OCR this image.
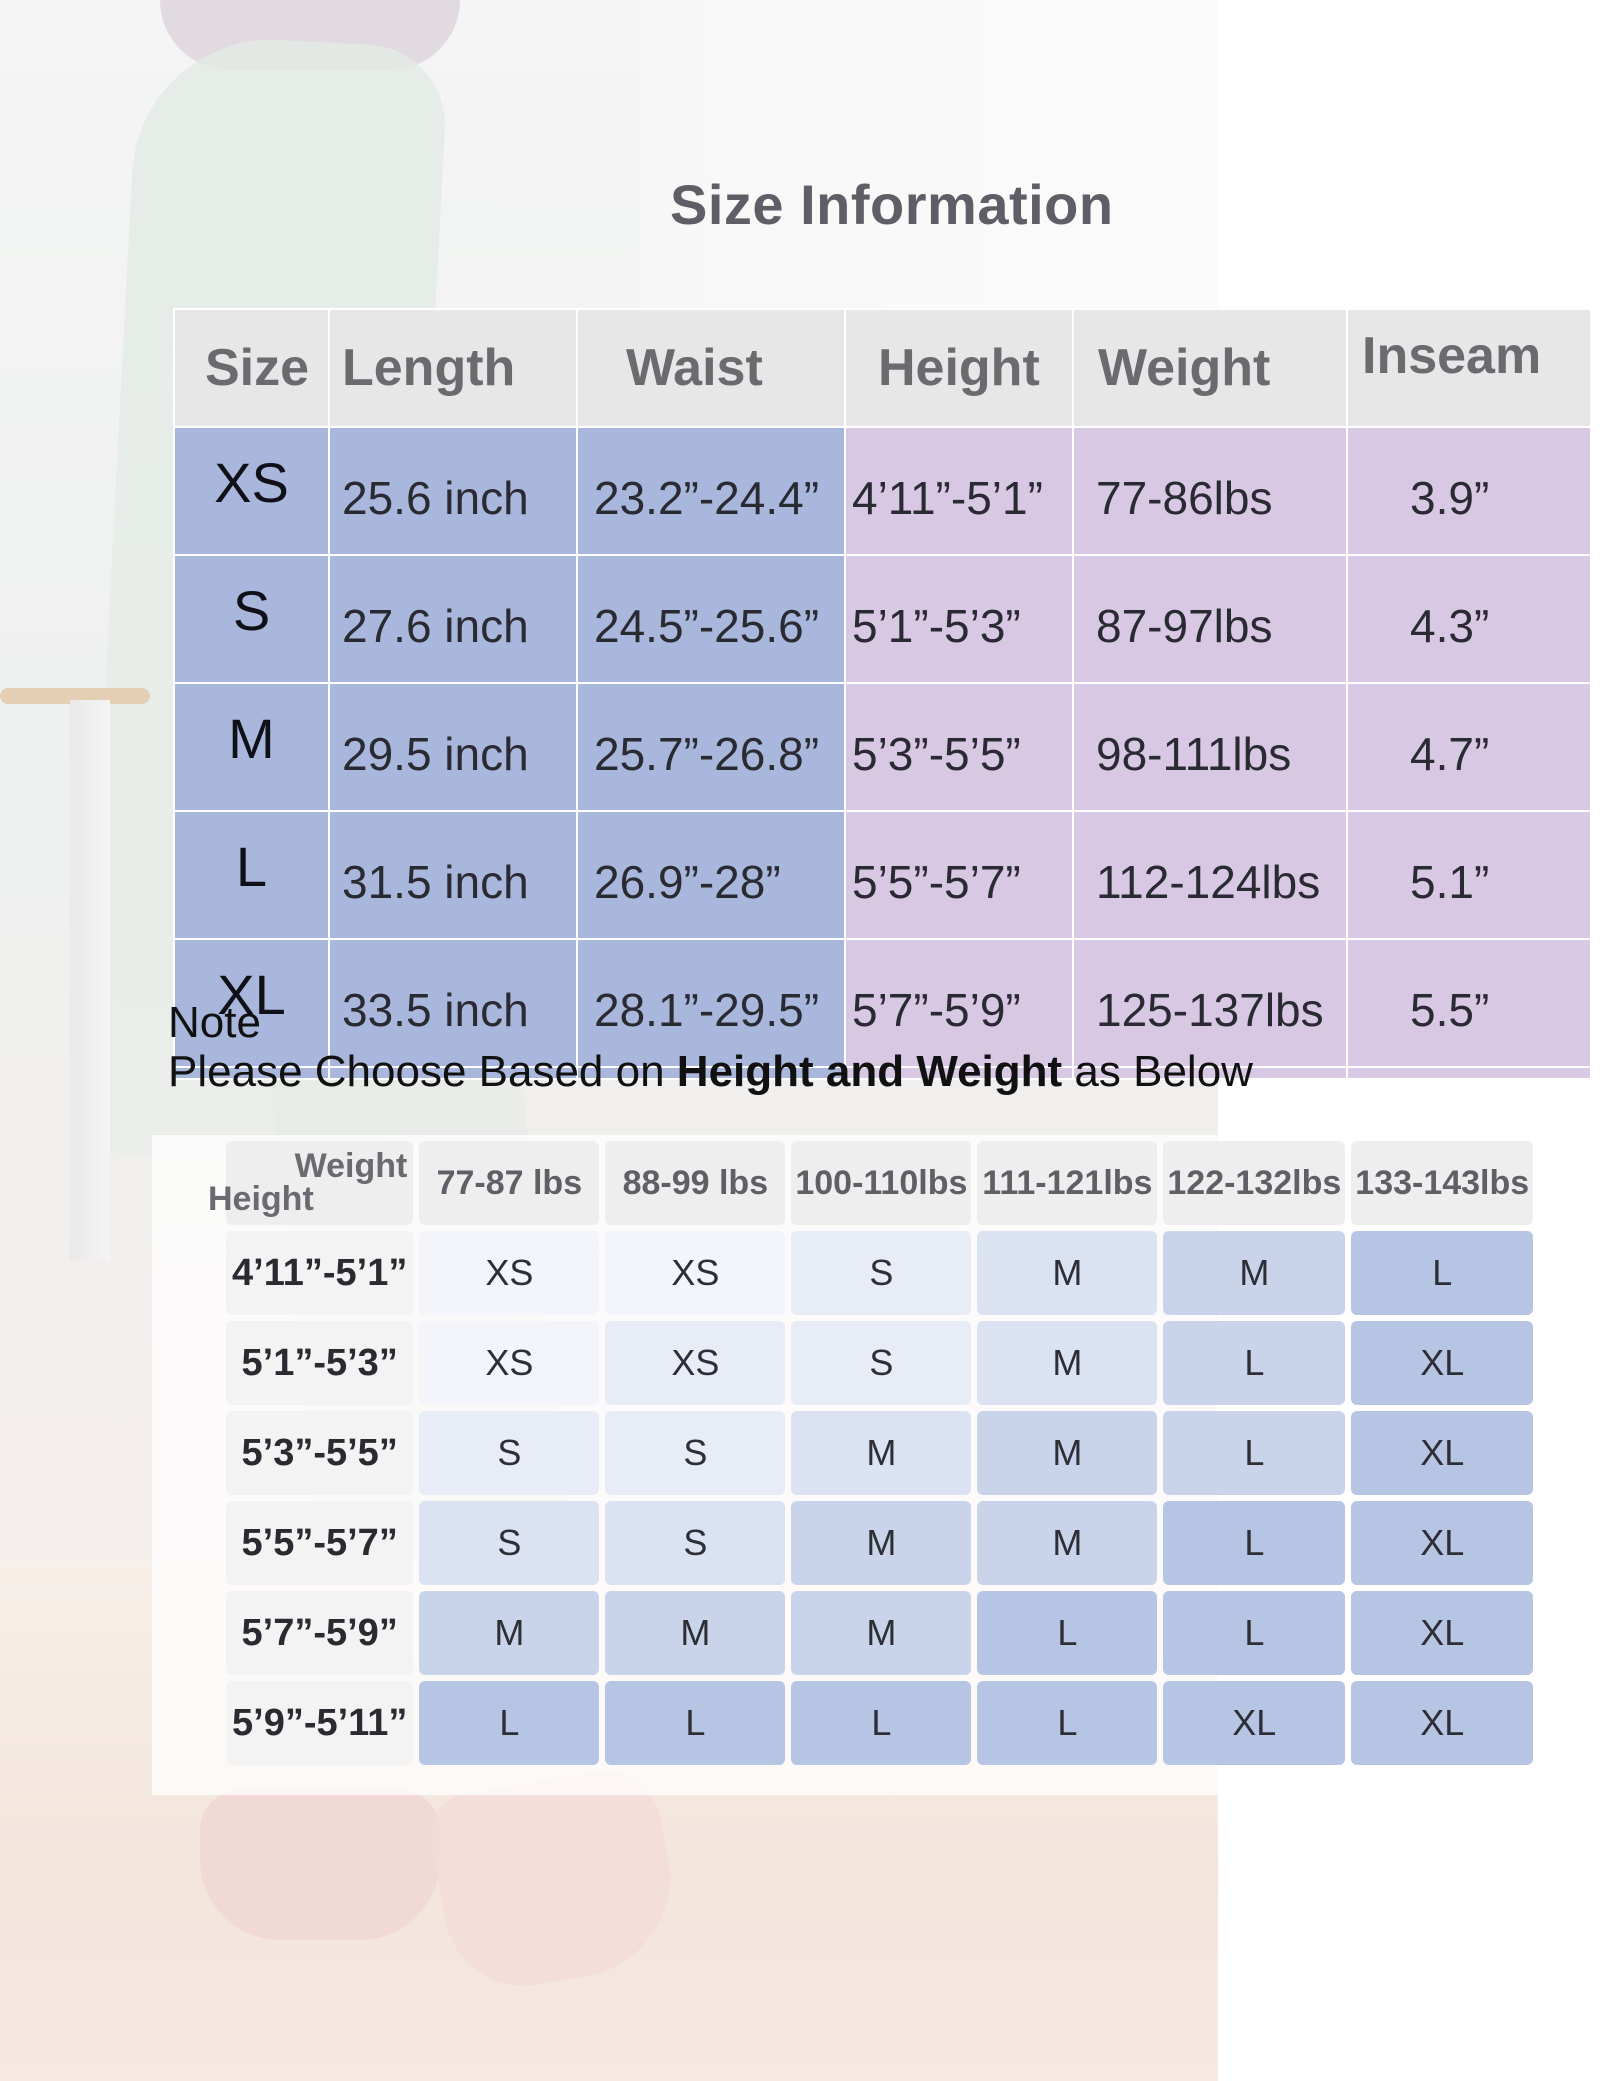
Size Information
Size	Length	Waist	Height	Weight	Inseam
XS	25.6 inch	23.2”-24.4”	4’11”-5’1”	77-86lbs	3.9”
S	27.6 inch	24.5”-25.6”	5’1”-5’3”	87-97lbs	4.3”
M	29.5 inch	25.7”-26.8”	5’3”-5’5”	98-111lbs	4.7”
L	31.5 inch	26.9”-28”	5’5”-5’7”	112-124lbs	5.1”
XL	33.5 inch	28.1”-29.5”	5’7”-5’9”	125-137lbs	5.5”

Note
Please Choose Based on Height and Weight as Below
Weight
Height	77-87 lbs	88-99 lbs	100-110lbs	111-121lbs	122-132lbs	133-143lbs
4’11”-5’1”	XS	XS	S	M	M	L
5’1”-5’3”	XS	XS	S	M	L	XL
5’3”-5’5”	S	S	M	M	L	XL
5’5”-5’7”	S	S	M	M	L	XL
5’7”-5’9”	M	M	M	L	L	XL
5’9”-5’11”	L	L	L	L	XL	XL
